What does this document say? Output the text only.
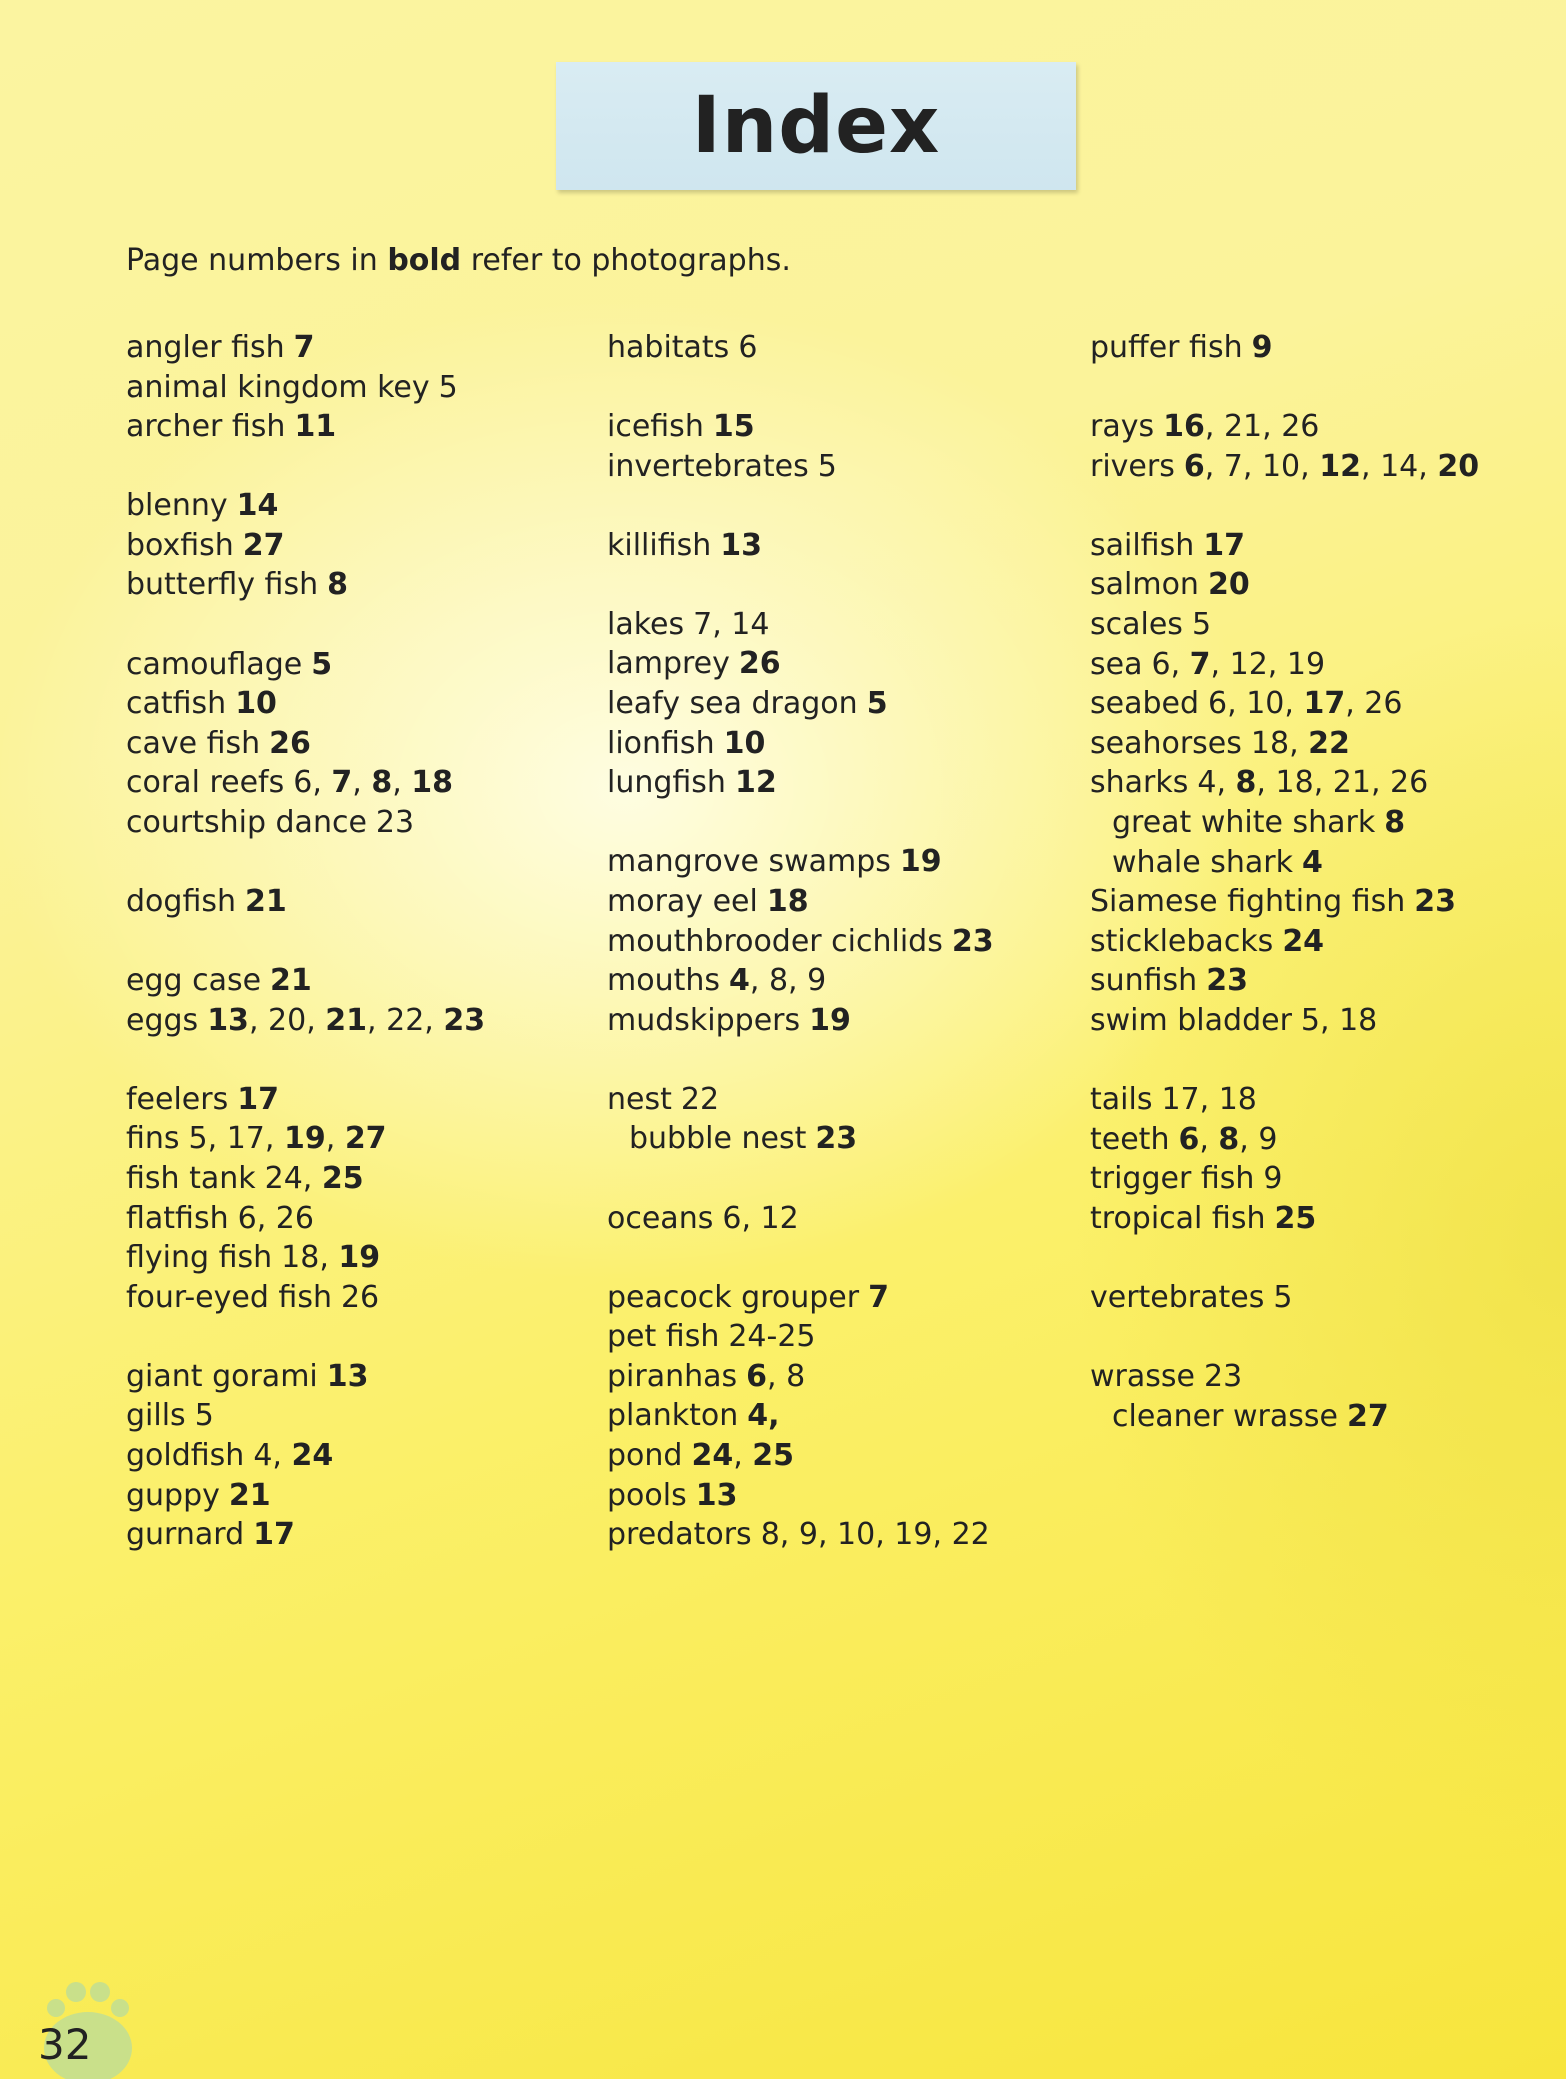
Index

Page numbers in bold refer to photographs.

angler fish 7
animal kingdom key 5
archer fish 11
blenny 14
boxfish 27
butterfly fish 8
camouflage 5
catfish 10
cave fish 26
coral reefs 6, 7, 8, 18
courtship dance 23
dogfish 21
egg case 21
eggs 13, 20, 21, 22, 23
feelers 17
fins 5, 17, 19, 27
fish tank 24, 25
flatfish 6, 26
flying fish 18, 19
four-eyed fish 26
giant gorami 13
gills 5
goldfish 4, 24
guppy 21
gurnard 17
habitats 6
icefish 15
invertebrates 5
killifish 13
lakes 7, 14
lamprey 26
leafy sea dragon 5
lionfish 10
lungfish 12
mangrove swamps 19
moray eel 18
mouthbrooder cichlids 23
mouths 4, 8, 9
mudskippers 19
nest 22
bubble nest 23
oceans 6, 12
peacock grouper 7
pet fish 24-25
piranhas 6, 8
plankton 4,
pond 24, 25
pools 13
predators 8, 9, 10, 19, 22
puffer fish 9
rays 16, 21, 26
rivers 6, 7, 10, 12, 14, 20
sailfish 17
salmon 20
scales 5
sea 6, 7, 12, 19
seabed 6, 10, 17, 26
seahorses 18, 22
sharks 4, 8, 18, 21, 26
great white shark 8
whale shark 4
Siamese fighting fish 23
sticklebacks 24
sunfish 23
swim bladder 5, 18
tails 17, 18
teeth 6, 8, 9
trigger fish 9
tropical fish 25
vertebrates 5
wrasse 23
cleaner wrasse 27

32
